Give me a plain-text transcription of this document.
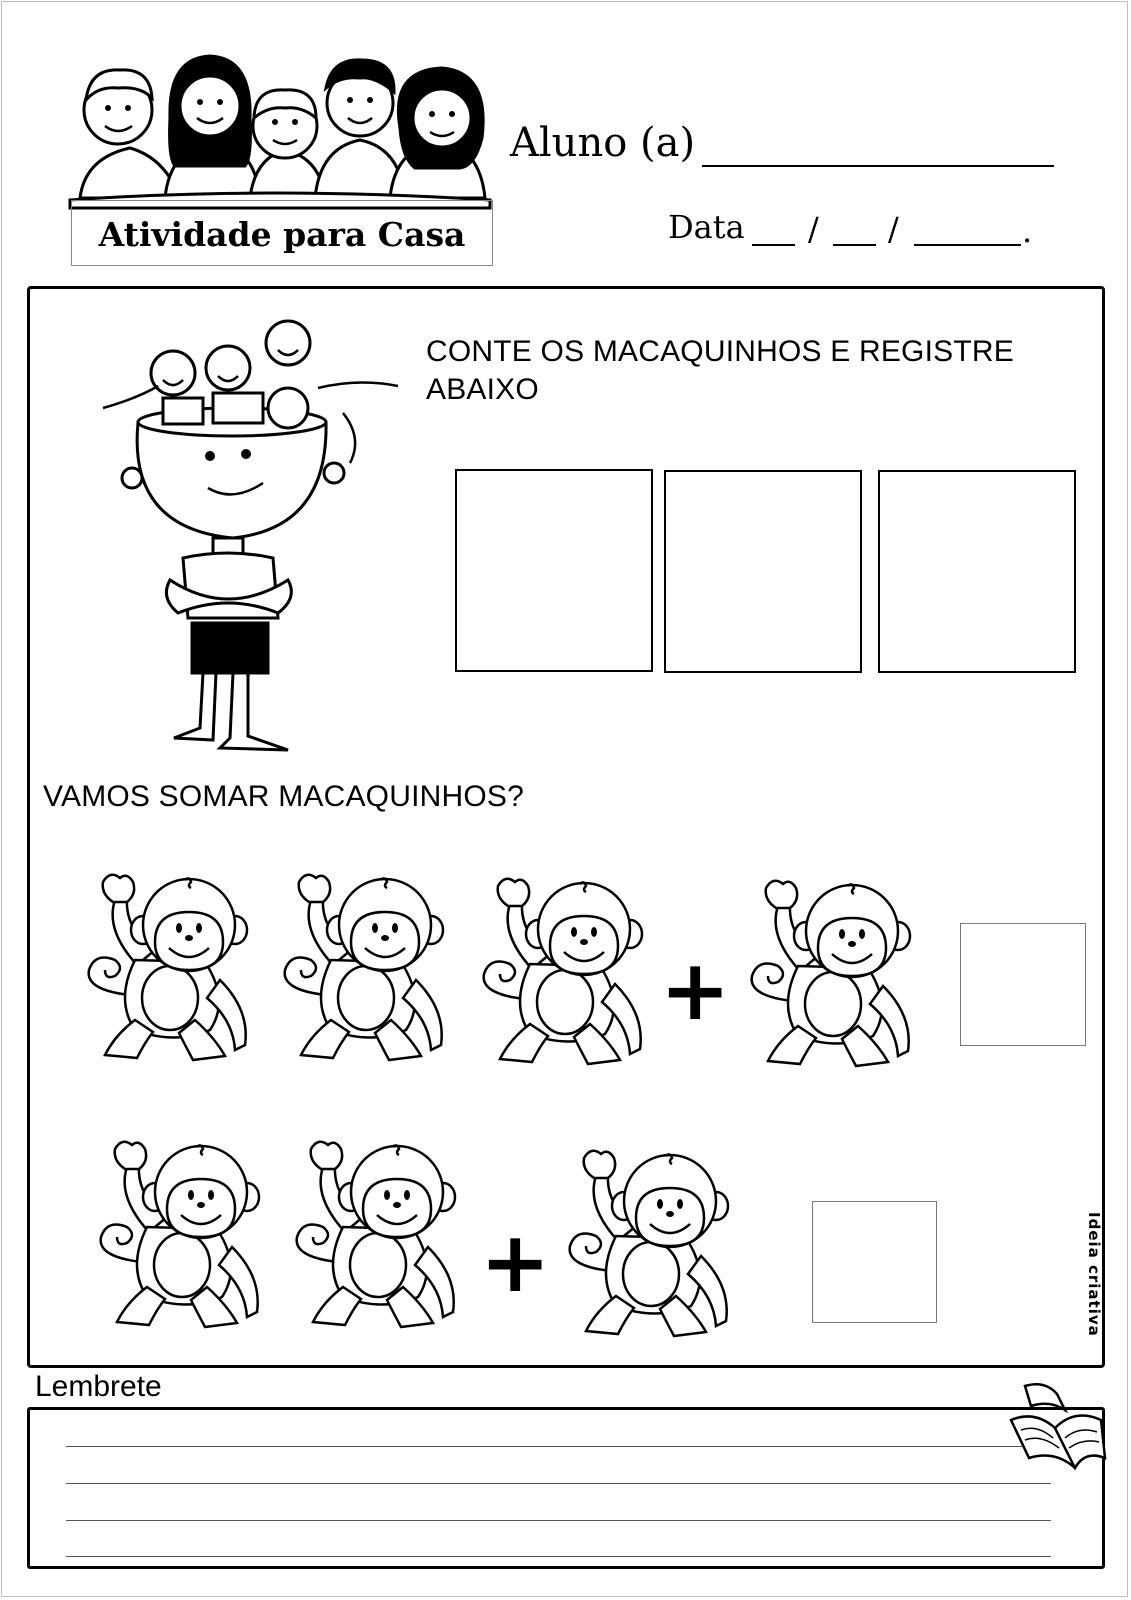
Atividade para Casa
Aluno (a)
Data / /	.
CONTE OS MACAQUINHOS E REGISTRE ABAIXO
VAMOS SOMAR MACAQUINHOS?
+
+	Ideia criativa
Lembrete
